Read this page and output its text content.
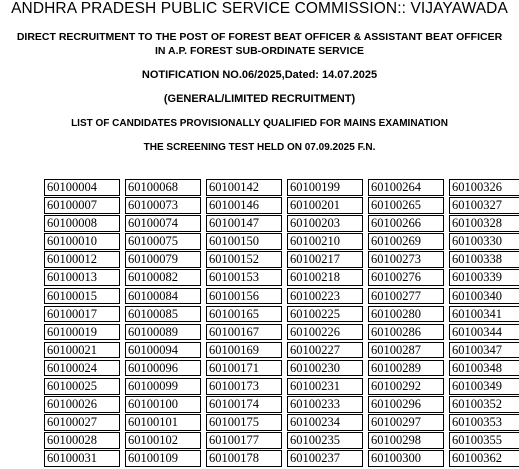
ANDHRA PRADESH PUBLIC SERVICE COMMISSION:: VIJAYAWADA
DIRECT RECRUITMENT TO THE POST OF FOREST BEAT OFFICER & ASSISTANT BEAT OFFICER
IN A.P. FOREST SUB-ORDINATE SERVICE
NOTIFICATION NO.06/2025,Dated: 14.07.2025
(GENERAL/LIMITED RECRUITMENT)
LIST OF CANDIDATES PROVISIONALLY QUALIFIED FOR MAINS EXAMINATION
THE SCREENING TEST HELD ON 07.09.2025 F.N.
60100004
60100007
60100008
60100010
60100012
60100013
60100015
60100017
60100019
60100021
60100024
60100025
60100026
60100027
60100028
60100031
60100068
60100073
60100074
60100075
60100079
60100082
60100084
60100085
60100089
60100094
60100096
60100099
60100100
60100101
60100102
60100109
60100142
60100146
60100147
60100150
60100152
60100153
60100156
60100165
60100167
60100169
60100171
60100173
60100174
60100175
60100177
60100178
60100199
60100201
60100203
60100210
60100217
60100218
60100223
60100225
60100226
60100227
60100230
60100231
60100233
60100234
60100235
60100237
60100264
60100265
60100266
60100269
60100273
60100276
60100277
60100280
60100286
60100287
60100289
60100292
60100296
60100297
60100298
60100300
60100326
60100327
60100328
60100330
60100338
60100339
60100340
60100341
60100344
60100347
60100348
60100349
60100352
60100353
60100355
60100362
